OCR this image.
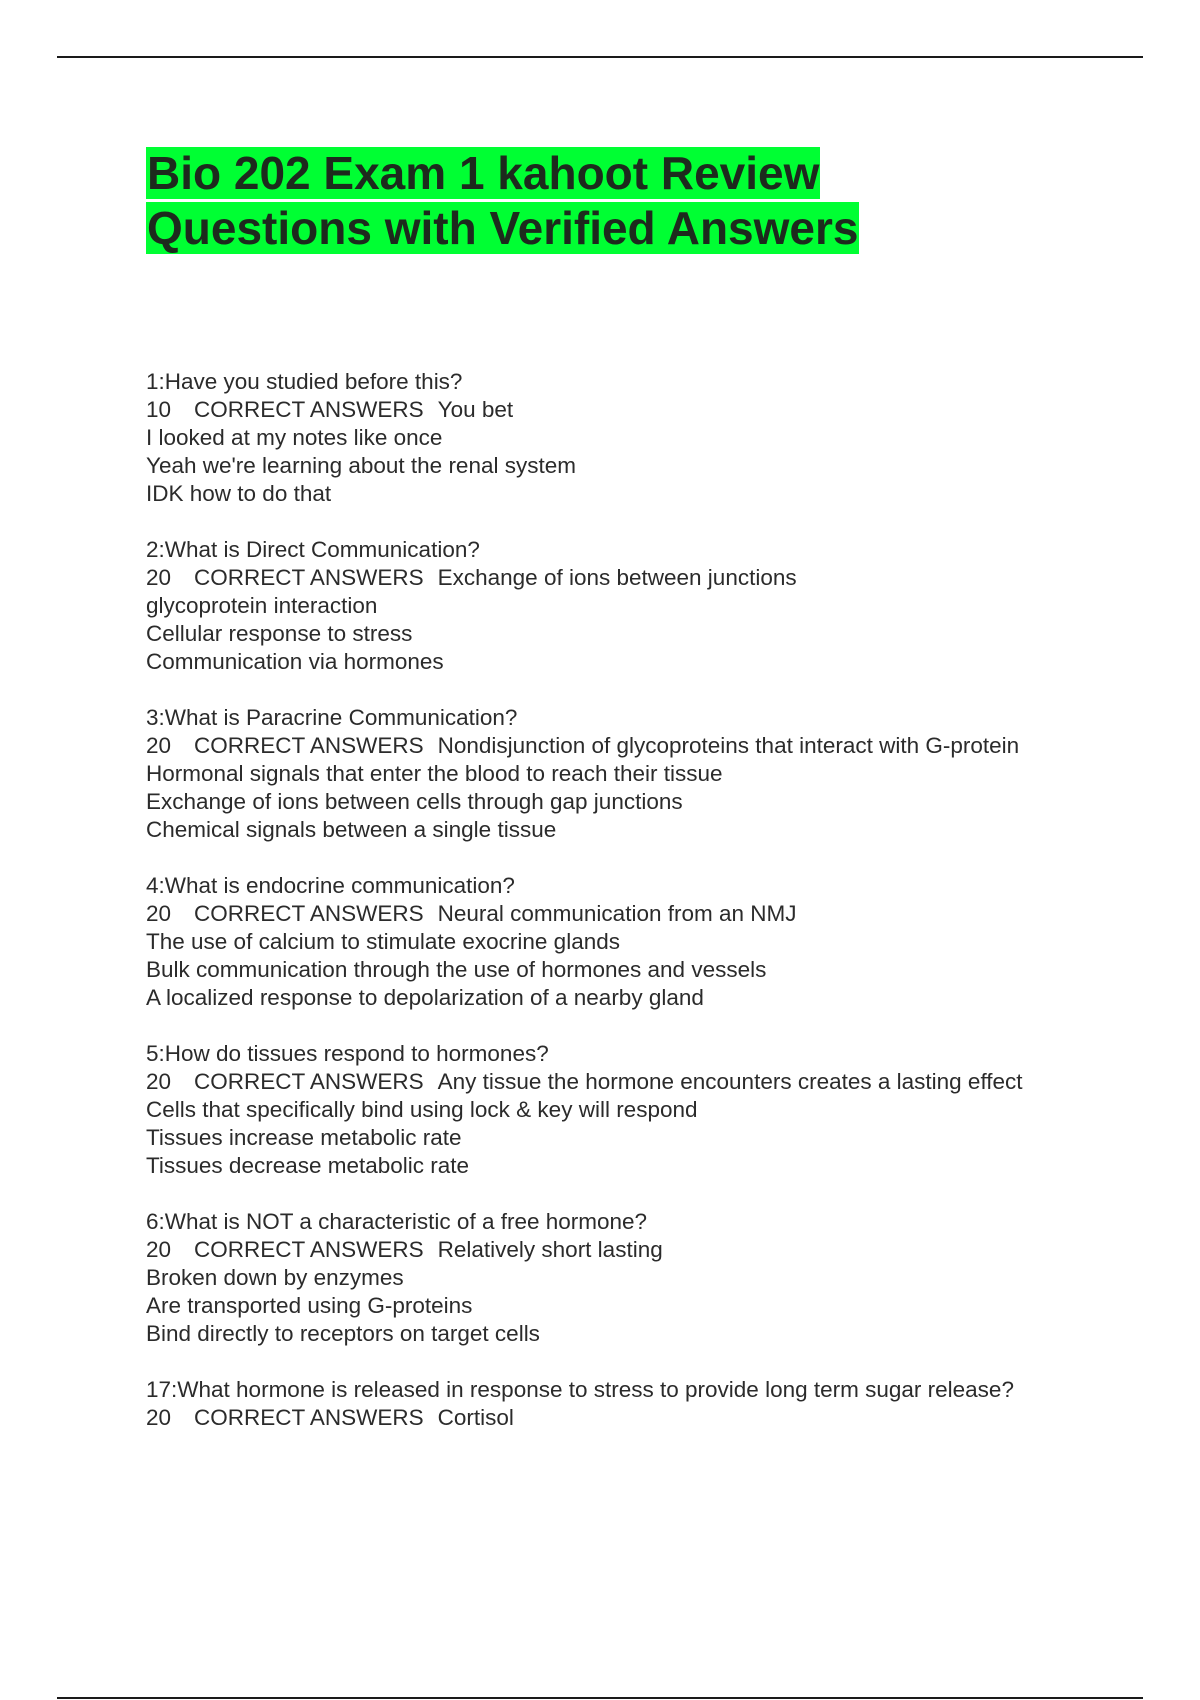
Bio 202 Exam 1 kahoot Review
Questions with Verified Answers
1:Have you studied before this?
10 CORRECT ANSWERS You bet
I looked at my notes like once
Yeah we're learning about the renal system
IDK how to do that
2:What is Direct Communication?
20 CORRECT ANSWERS Exchange of ions between junctions
glycoprotein interaction
Cellular response to stress
Communication via hormones
3:What is Paracrine Communication?
20 CORRECT ANSWERS Nondisjunction of glycoproteins that interact with G-protein
Hormonal signals that enter the blood to reach their tissue
Exchange of ions between cells through gap junctions
Chemical signals between a single tissue
4:What is endocrine communication?
20 CORRECT ANSWERS Neural communication from an NMJ
The use of calcium to stimulate exocrine glands
Bulk communication through the use of hormones and vessels
A localized response to depolarization of a nearby gland
5:How do tissues respond to hormones?
20 CORRECT ANSWERS Any tissue the hormone encounters creates a lasting effect
Cells that specifically bind using lock & key will respond
Tissues increase metabolic rate
Tissues decrease metabolic rate
6:What is NOT a characteristic of a free hormone?
20 CORRECT ANSWERS Relatively short lasting
Broken down by enzymes
Are transported using G-proteins
Bind directly to receptors on target cells
17:What hormone is released in response to stress to provide long term sugar release?
20 CORRECT ANSWERS Cortisol
